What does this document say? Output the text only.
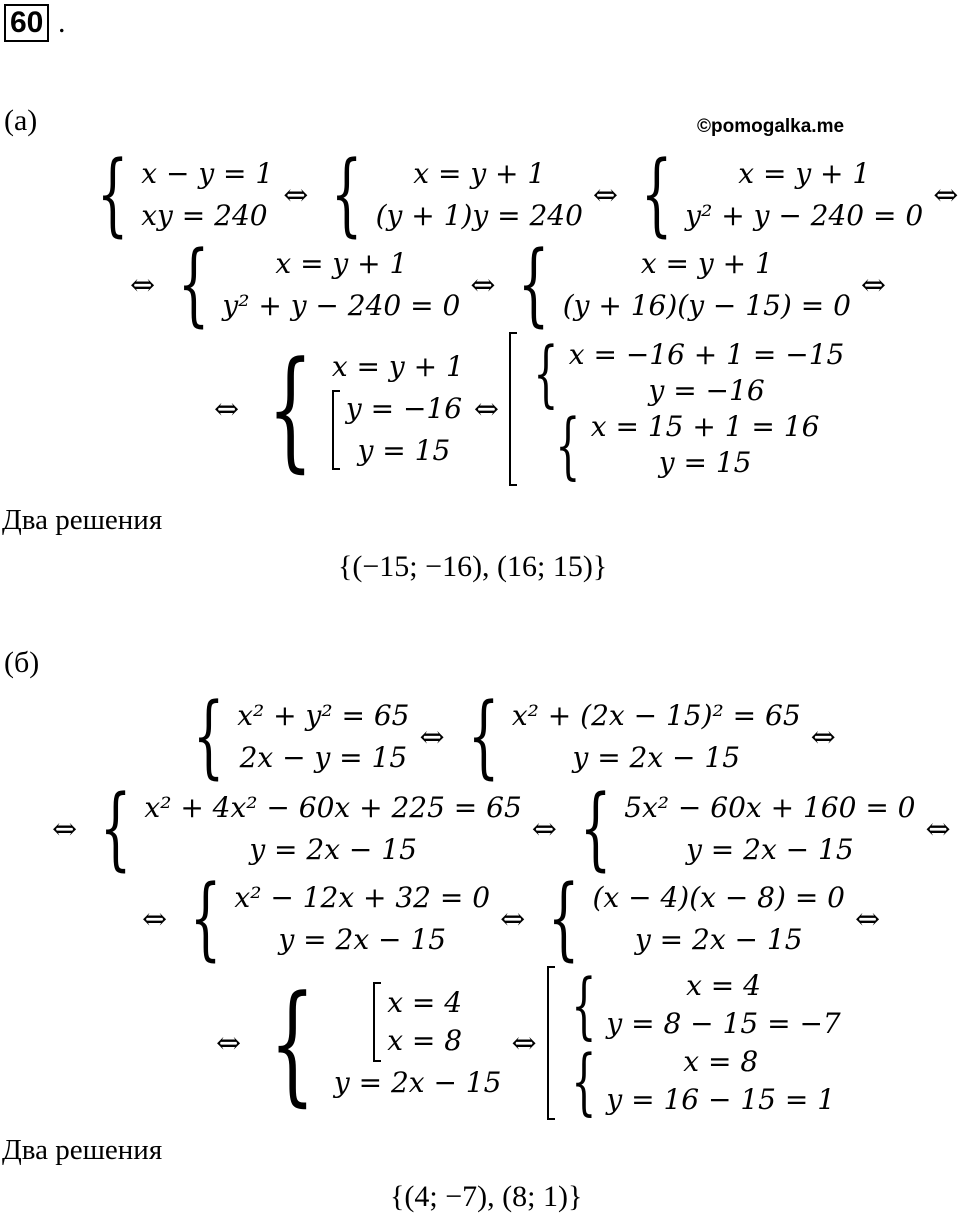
60 .
©pomogalka.me
(а)
{ x − y = 1
xy = 240
⇔ {	x = y + 1
(y + 1)y = 240
⇔ {	x = y + 1
y² + y − 240 = 0
⇔
⇔ {	x = y + 1
y² + y − 240 = 0
⇔ {	x = y + 1
(y + 16)(y − 15) = 0
⇔
⇔ { x = y + 1
y = −16
y = 15
⇔ { x = −16 + 1 = −15
y = −16
{ x = 15 + 1 = 16
y = 15
Два решения
{(−15; −16), (16; 15)}
(б)
{ x² + y² = 65
2x − y = 15
⇔ { x² + (2x − 15)² = 65
y = 2x − 15
⇔
⇔ { x² + 4x² − 60x + 225 = 65
y = 2x − 15
⇔ { 5x² − 60x + 160 = 0
y = 2x − 15
⇔
⇔ { x² − 12x + 32 = 0
y = 2x − 15
⇔ { (x − 4)(x − 8) = 0
y = 2x − 15
⇔
⇔ {	x = 4
x = 8
y = 2x − 15
⇔ {	x = 4
y = 8 − 15 = −7
{	x = 8
y = 16 − 15 = 1
Два решения
{(4; −7), (8; 1)}
